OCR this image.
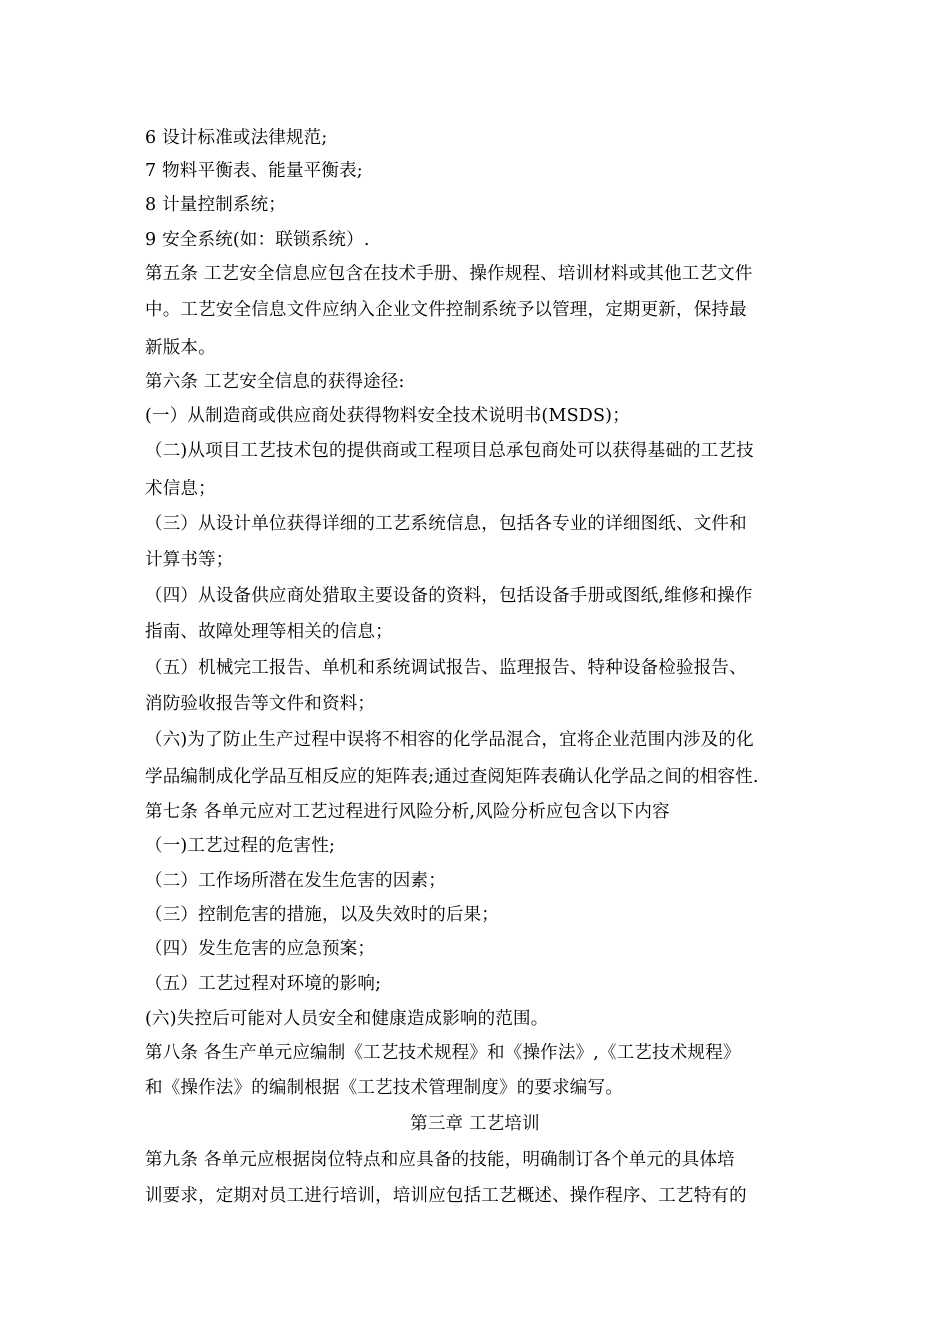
6 设计标准或法律规范;
7 物料平衡表、能量平衡表;
8 计量控制系统；
9 安全系统(如：联锁系统）.
第五条 工艺安全信息应包含在技术手册、操作规程、培训材料或其他工艺文件
中。工艺安全信息文件应纳入企业文件控制系统予以管理，定期更新，保持最
新版本。
第六条 工艺安全信息的获得途径:
(一）从制造商或供应商处获得物料安全技术说明书(MSDS)；
（二)从项目工艺技术包的提供商或工程项目总承包商处可以获得基础的工艺技
术信息；
（三）从设计单位获得详细的工艺系统信息，包括各专业的详细图纸、文件和
计算书等；
（四）从设备供应商处猎取主要设备的资料，包括设备手册或图纸,维修和操作
指南、故障处理等相关的信息；
（五）机械完工报告、单机和系统调试报告、监理报告、特种设备检验报告、
消防验收报告等文件和资料；
（六)为了防止生产过程中误将不相容的化学品混合，宜将企业范围内涉及的化
学品编制成化学品互相反应的矩阵表;通过查阅矩阵表确认化学品之间的相容性.
第七条 各单元应对工艺过程进行风险分析,风险分析应包含以下内容
（一)工艺过程的危害性;
（二）工作场所潜在发生危害的因素；
（三）控制危害的措施，以及失效时的后果；
（四）发生危害的应急预案；
（五）工艺过程对环境的影响;
(六)失控后可能对人员安全和健康造成影响的范围。
第八条 各生产单元应编制《工艺技术规程》和《操作法》,《工艺技术规程》
和《操作法》的编制根据《工艺技术管理制度》的要求编写。
第三章 工艺培训
第九条 各单元应根据岗位特点和应具备的技能，明确制订各个单元的具体培
训要求，定期对员工进行培训，培训应包括工艺概述、操作程序、工艺特有的
